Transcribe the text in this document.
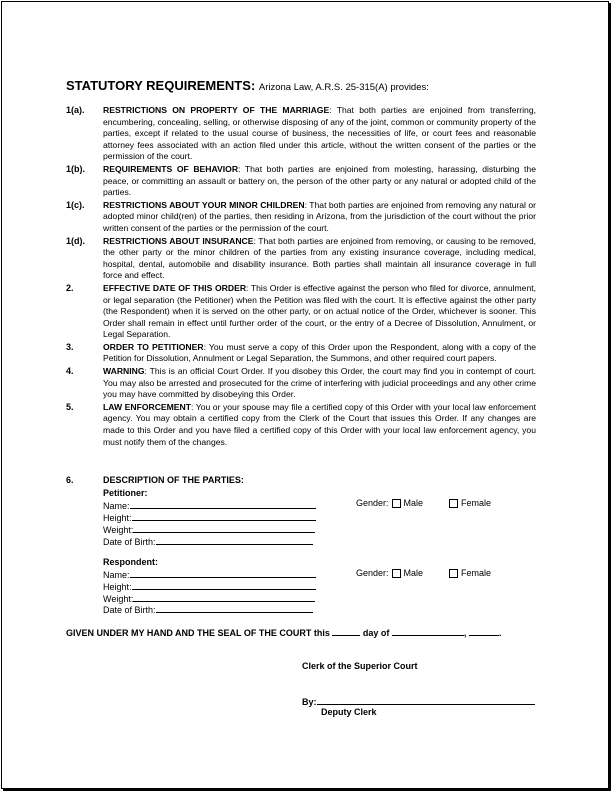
STATUTORY REQUIREMENTS: Arizona Law, A.R.S. 25-315(A) provides:
1(a).	RESTRICTIONS ON PROPERTY OF THE MARRIAGE: That both parties are enjoined from transferring, encumbering, concealing, selling, or otherwise disposing of any of the joint, common or community property of the parties, except if related to the usual course of business, the necessities of life, or court fees and reasonable attorney fees associated with an action filed under this article, without the written consent of the parties or the permission of the court.
1(b).	REQUIREMENTS OF BEHAVIOR: That both parties are enjoined from molesting, harassing, disturbing the peace, or committing an assault or battery on, the person of the other party or any natural or adopted child of the parties.
1(c).	RESTRICTIONS ABOUT YOUR MINOR CHILDREN: That both parties are enjoined from removing any natural or adopted minor child(ren) of the parties, then residing in Arizona, from the jurisdiction of the court without the prior written consent of the parties or the permission of the court.
1(d).	RESTRICTIONS ABOUT INSURANCE: That both parties are enjoined from removing, or causing to be removed, the other party or the minor children of the parties from any existing insurance coverage, including medical, hospital, dental, automobile and disability insurance. Both parties shall maintain all insurance coverage in full force and effect.
2.	EFFECTIVE DATE OF THIS ORDER: This Order is effective against the person who filed for divorce, annulment, or legal separation (the Petitioner) when the Petition was filed with the court. It is effective against the other party (the Respondent) when it is served on the other party, or on actual notice of the Order, whichever is sooner. This Order shall remain in effect until further order of the court, or the entry of a Decree of Dissolution, Annulment, or Legal Separation.
3.	ORDER TO PETITIONER: You must serve a copy of this Order upon the Respondent, along with a copy of the Petition for Dissolution, Annulment or Legal Separation, the Summons, and other required court papers.
4.	WARNING: This is an official Court Order. If you disobey this Order, the court may find you in contempt of court. You may also be arrested and prosecuted for the crime of interfering with judicial proceedings and any other crime you may have committed by disobeying this Order.
5.	LAW ENFORCEMENT: You or your spouse may file a certified copy of this Order with your local law enforcement agency. You may obtain a certified copy from the Clerk of the Court that issues this Order. If any changes are made to this Order and you have filed a certified copy of this Order with your local law enforcement agency, you must notify them of the changes.
6.	DESCRIPTION OF THE PARTIES:
Petitioner:
Name:
Height:
Weight:
Date of Birth:
Gender: Male	Female
Respondent:
Name:
Height:
Weight:
Date of Birth:
Gender: Male	Female
GIVEN UNDER MY HAND AND THE SEAL OF THE COURT this	day of	,	.
Clerk of the Superior Court
By:
Deputy Clerk
